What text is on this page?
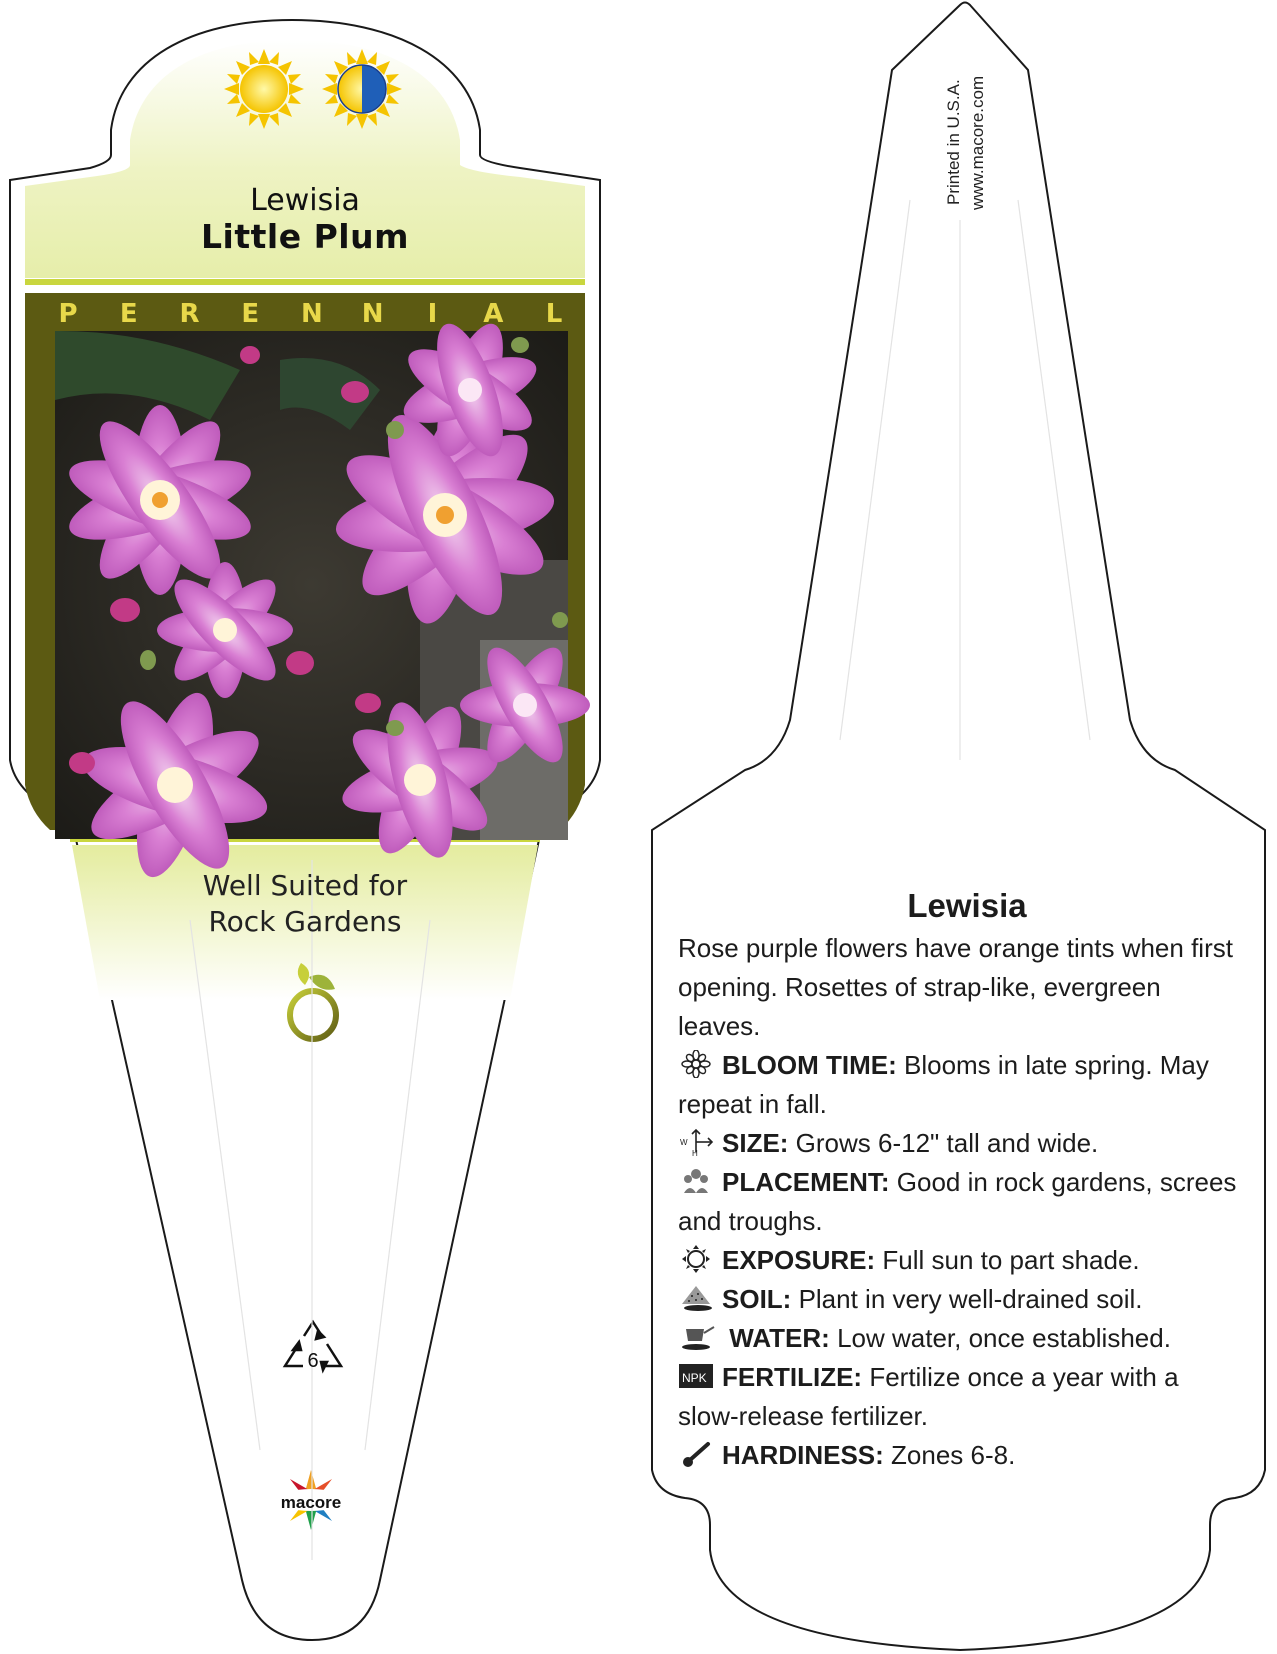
Lewisia
Little Plum
P E R E N N I A L
Well Suited for
Rock Gardens
6
macore
Printed in U.S.A. www.macore.com
Lewisia

Rose purple flowers have orange tints when first opening. Rosettes of strap-like, evergreen leaves.

BLOOM TIME: Blooms in late spring. May repeat in fall.

W
H SIZE: Grows 6-12" tall and wide.

PLACEMENT: Good in rock gardens, screes and troughs.

EXPOSURE: Full sun to part shade.

SOIL: Plant in very well-drained soil.

WATER: Low water, once established.

NPK FERTILIZE: Fertilize once a year with a slow-release fertilizer.

HARDINESS: Zones 6-8.
